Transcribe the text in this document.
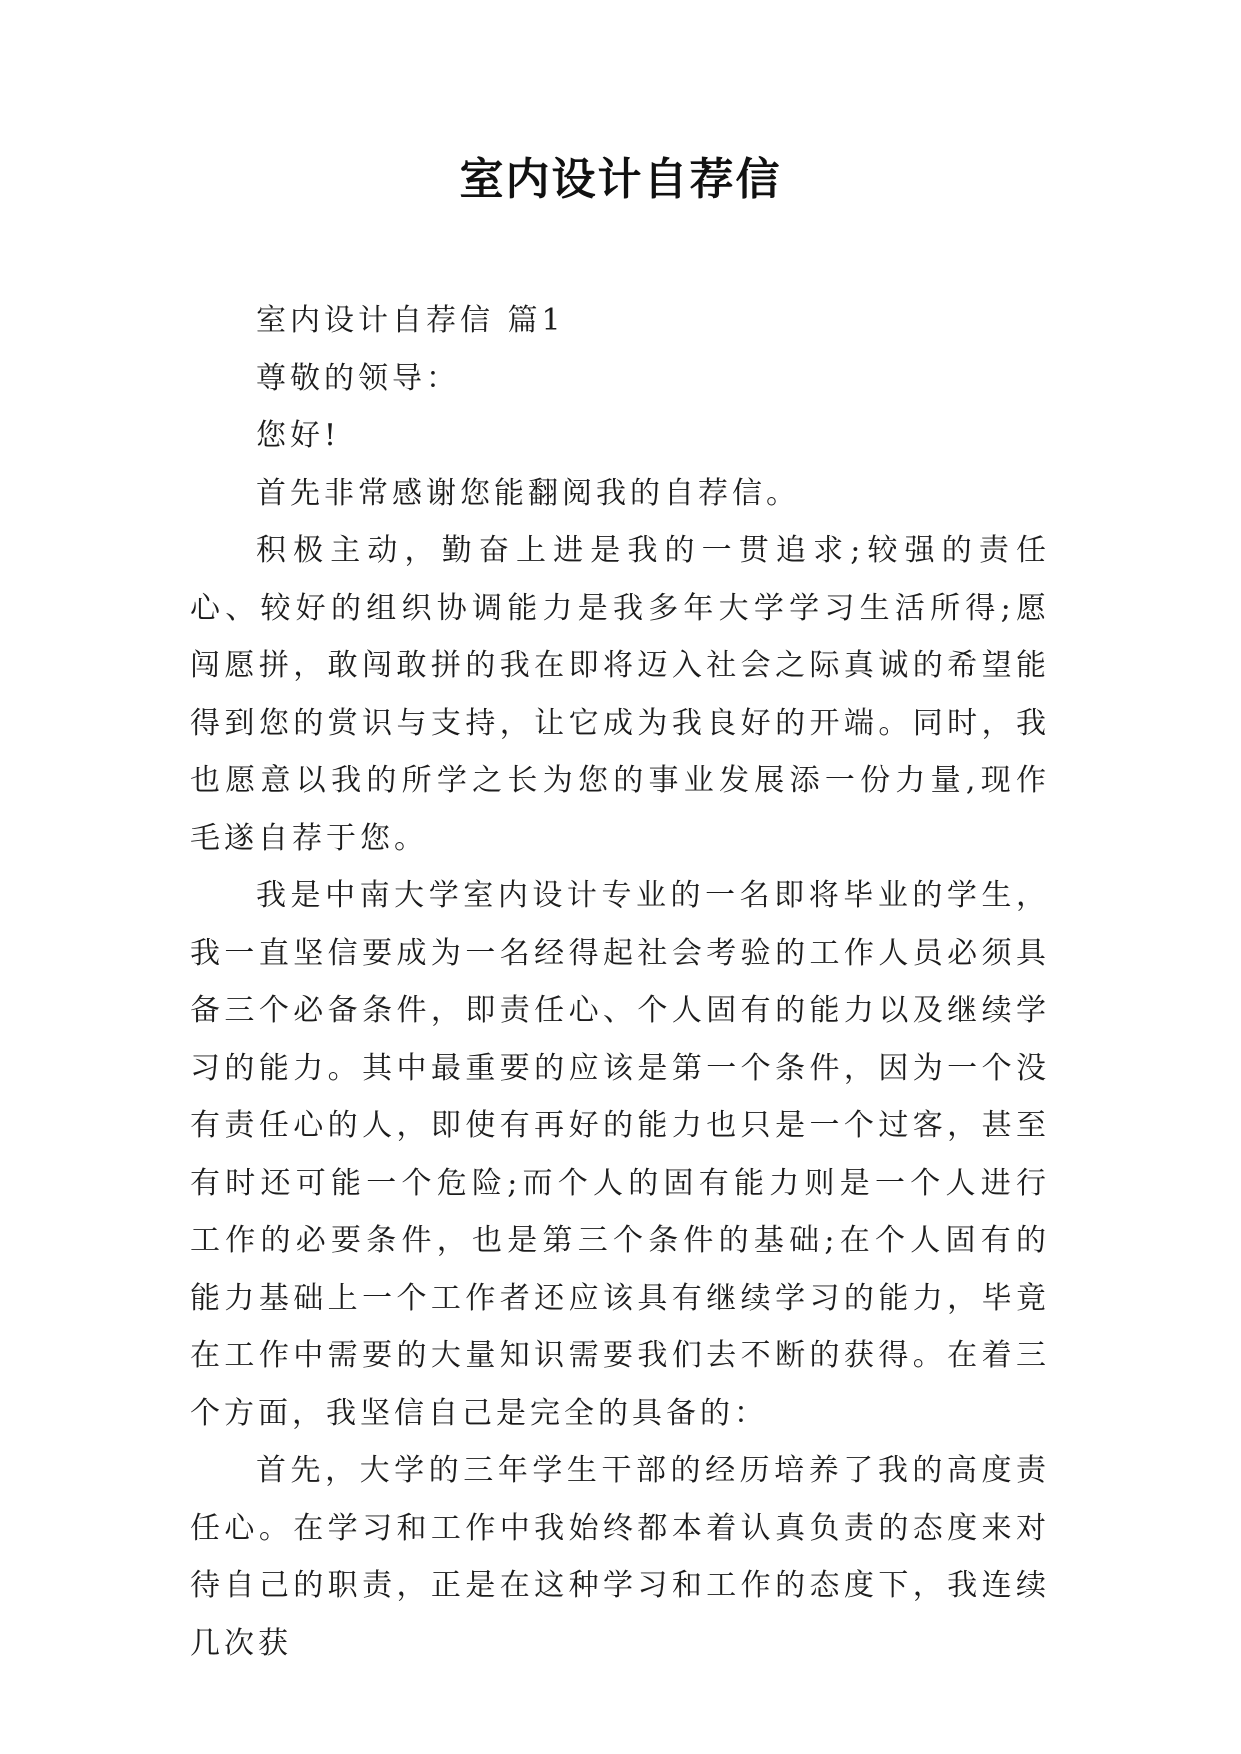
室内设计自荐信

室内设计自荐信 篇1

尊敬的领导：

您好!

首先非常感谢您能翻阅我的自荐信。

积极主动，勤奋上进是我的一贯追求;较强的责任心、较好的组织协调能力是我多年大学学习生活所得;愿闯愿拼，敢闯敢拼的我在即将迈入社会之际真诚的希望能得到您的赏识与支持，让它成为我良好的开端。同时，我也愿意以我的所学之长为您的事业发展添一份力量,现作毛遂自荐于您。

我是中南大学室内设计专业的一名即将毕业的学生，我一直坚信要成为一名经得起社会考验的工作人员必须具备三个必备条件，即责任心、个人固有的能力以及继续学习的能力。其中最重要的应该是第一个条件，因为一个没有责任心的人，即使有再好的能力也只是一个过客，甚至有时还可能一个危险;而个人的固有能力则是一个人进行工作的必要条件，也是第三个条件的基础;在个人固有的能力基础上一个工作者还应该具有继续学习的能力，毕竟在工作中需要的大量知识需要我们去不断的获得。在着三个方面，我坚信自己是完全的具备的：

首先，大学的三年学生干部的经历培养了我的高度责任心。在学习和工作中我始终都本着认真负责的态度来对待自己的职责，正是在这种学习和工作的态度下，我连续几次获
